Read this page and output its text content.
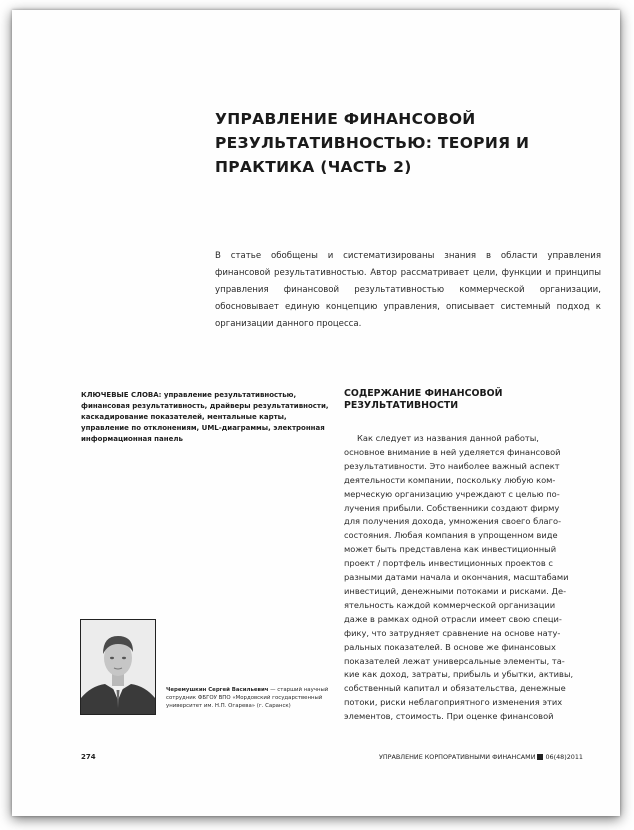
УПРАВЛЕНИЕ ФИНАНСОВОЙ РЕЗУЛЬТАТИВНОСТЬЮ: ТЕОРИЯ И ПРАКТИКА (ЧАСТЬ 2)

В статье обобщены и систематизированы знания в области управления финансовой результативностью. Автор рассматривает цели, функции и принципы управления финансовой результативностью коммерческой организации, обосновывает единую концепцию управления, описывает системный подход к организации данного процесса.

КЛЮЧЕВЫЕ СЛОВА: управление результативностью, финансовая результативность, драйверы результативности, каскадирование показателей, ментальные карты, управление по отклонениям, UML-диаграммы, электронная информационная панель

Черемушкин Сергей Васильевич — старший научный сотрудник ФБГОУ ВПО «Мордовский государственный университет им. Н.П. Огарева» (г. Саранск)

СОДЕРЖАНИЕ ФИНАНСОВОЙ
РЕЗУЛЬТАТИВНОСТИ
Как следует из названия данной работы,
основное внимание в ней уделяется финансовой
результативности. Это наиболее важный аспект
деятельности компании, поскольку любую ком-
мерческую организацию учреждают с целью по-
лучения прибыли. Собственники создают фирму
для получения дохода, умножения своего благо-
состояния. Любая компания в упрощенном виде
может быть представлена как инвестиционный
проект / портфель инвестиционных проектов с
разными датами начала и окончания, масштабами
инвестиций, денежными потоками и рисками. Де-
ятельность каждой коммерческой организации
даже в рамках одной отрасли имеет свою специ-
фику, что затрудняет сравнение на основе нату-
ральных показателей. В основе же финансовых
показателей лежат универсальные элементы, та-
кие как доход, затраты, прибыль и убытки, активы,
собственный капитал и обязательства, денежные
потоки, риски неблагоприятного изменения этих
элементов, стоимость. При оценке финансовой
274	УПРАВЛЕНИЕ КОРПОРАТИВНЫМИ ФИНАНСАМИ 06(48)2011
